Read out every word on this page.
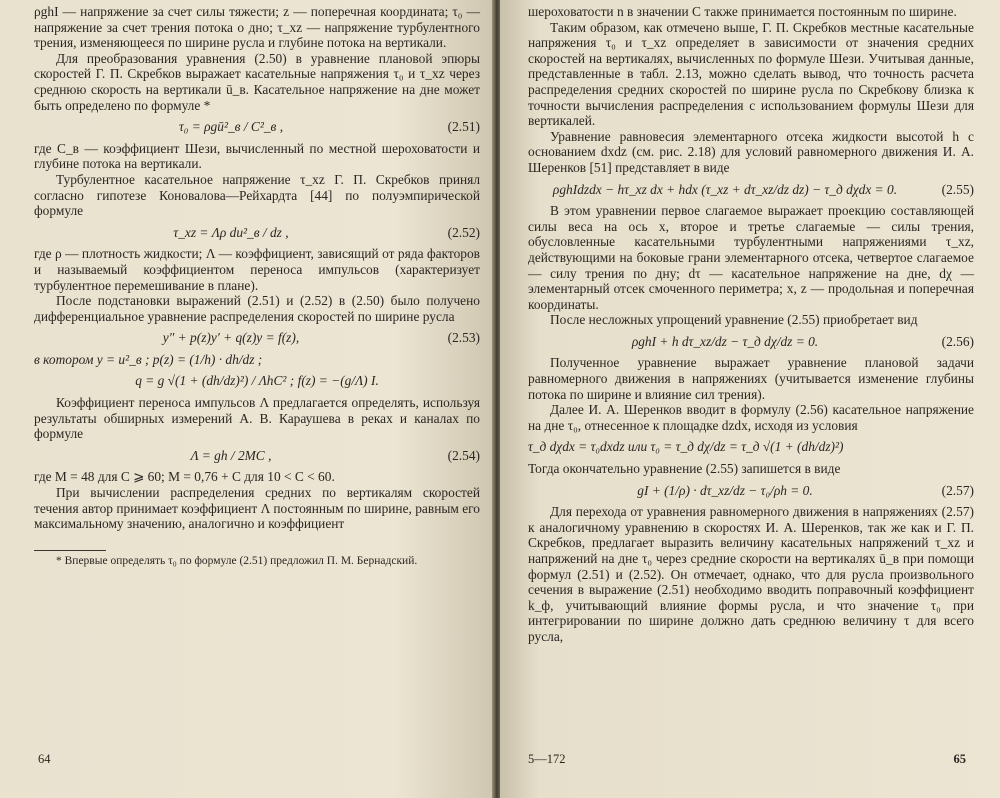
ρghI — напряжение за счет силы тяжести; z — поперечная координата; τ₀ — напряжение за счет трения потока о дно; τ_xz — напряжение турбулентного трения, изменяющееся по ширине русла и глубине потока на вертикали.

Для преобразования уравнения (2.50) в уравнение плановой эпюры скоростей Г. П. Скребков выражает касательные напряжения τ₀ и τ_xz через среднюю скорость на вертикали ū_в. Касательное напряжение на дне может быть определено по формуле *

τ₀ = ρgū²_в / C²_в ,	(2.51)

где C_в — коэффициент Шези, вычисленный по местной шероховатости и глубине потока на вертикали.

Турбулентное касательное напряжение τ_xz Г. П. Скребков принял согласно гипотезе Коновалова—Рейхардта [44] по полуэмпирической формуле

τ_xz = Λρ du²_в / dz ,	(2.52)

где ρ — плотность жидкости; Λ — коэффициент, зависящий от ряда факторов и называемый коэффициентом переноса импульсов (характеризует турбулентное перемешивание в плане).

После подстановки выражений (2.51) и (2.52) в (2.50) было получено дифференциальное уравнение распределения скоростей по ширине русла

y″ + p(z)y′ + q(z)y = f(z),	(2.53)
в котором y = u²_в ; p(z) = (1/h) · dh/dz ;
q = g √(1 + (dh/dz)²) / ΛhC² ; f(z) = −(g/Λ) I.

Коэффициент переноса импульсов Λ предлагается определять, используя результаты обширных измерений А. В. Караушева в реках и каналах по формуле

Λ = gh / 2MC ,	(2.54)

где M = 48 для C ⩾ 60; M = 0,76 + C для 10 < C < 60.

При вычислении распределения средних по вертикалям скоростей течения автор принимает коэффициент Λ постоянным по ширине, равным его максимальному значению, аналогично и коэффициент

* Впервые определять τ₀ по формуле (2.51) предложил П. М. Бернадский.

64

шероховатости n в значении C также принимается постоянным по ширине.

Таким образом, как отмечено выше, Г. П. Скребков местные касательные напряжения τ₀ и τ_xz определяет в зависимости от значения средних скоростей на вертикалях, вычисленных по формуле Шези. Учитывая данные, представленные в табл. 2.13, можно сделать вывод, что точность расчета распределения средних скоростей по ширине русла по Скребкову близка к точности вычисления распределения с использованием формулы Шези для вертикалей.

Уравнение равновесия элементарного отсека жидкости высотой h с основанием dxdz (см. рис. 2.18) для условий равномерного движения И. А. Шеренков [51] представляет в виде

ρghIdzdx − hτ_xz dx + hdx (τ_xz + dτ_xz/dz dz) − τ_д dχdx = 0.	(2.55)

В этом уравнении первое слагаемое выражает проекцию составляющей силы веса на ось x, второе и третье слагаемые — силы трения, обусловленные касательными турбулентными напряжениями τ_xz, действующими на боковые грани элементарного отсека, четвертое слагаемое — силу трения по дну; dτ — касательное напряжение на дне, dχ — элементарный отсек смоченного периметра; x, z — продольная и поперечная координаты.

После несложных упрощений уравнение (2.55) приобретает вид

ρghI + h dτ_xz/dz − τ_д dχ/dz = 0.	(2.56)

Полученное уравнение выражает уравнение плановой задачи равномерного движения в напряжениях (учитывается изменение глубины потока по ширине и влияние сил трения).

Далее И. А. Шеренков вводит в формулу (2.56) касательное напряжение на дне τ₀, отнесенное к площадке dzdx, исходя из условия

τ_д dχdx = τ₀dxdz или τ₀ = τ_д dχ/dz = τ_д √(1 + (dh/dz)²)

Тогда окончательно уравнение (2.55) запишется в виде

gI + (1/ρ) · dτ_xz/dz − τ₀/ρh = 0.	(2.57)

Для перехода от уравнения равномерного движения в напряжениях (2.57) к аналогичному уравнению в скоростях И. А. Шеренков, так же как и Г. П. Скребков, предлагает выразить величину касательных напряжений τ_xz и напряжений на дне τ₀ через средние скорости на вертикалях ū_в при помощи формул (2.51) и (2.52). Он отмечает, однако, что для русла произвольного сечения в выражение (2.51) необходимо вводить поправочный коэффициент k_ф, учитывающий влияние формы русла, и что значение τ₀ при интегрировании по ширине должно дать среднюю величину τ для всего русла,

5—172	65
